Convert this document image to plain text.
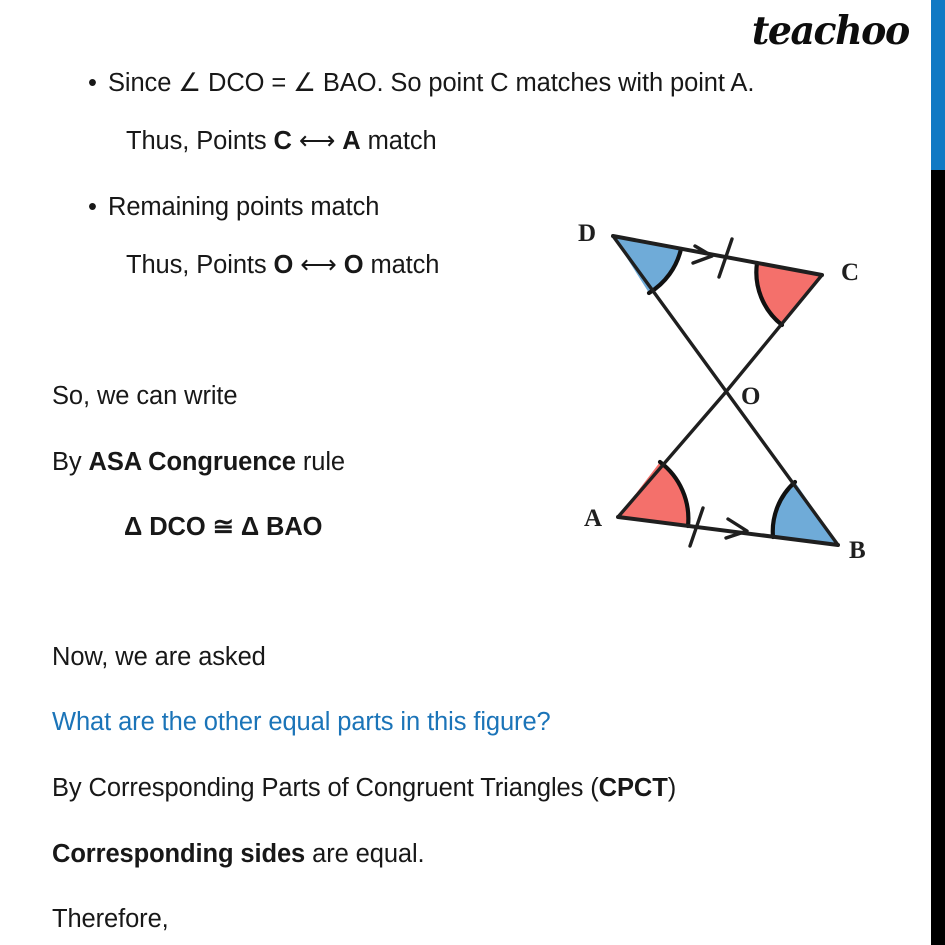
teachoo
• Since ∠ DCO = ∠ BAO. So point C matches with point A.
Thus, Points C ⟷ A match
• Remaining points match
Thus, Points O ⟷ O match
So, we can write
By ASA Congruence rule
Δ DCO ≅ Δ BAO
Now, we are asked
What are the other equal parts in this figure?
By Corresponding Parts of Congruent Triangles (CPCT)
Corresponding sides are equal.
Therefore,
D
C
O
A
B
